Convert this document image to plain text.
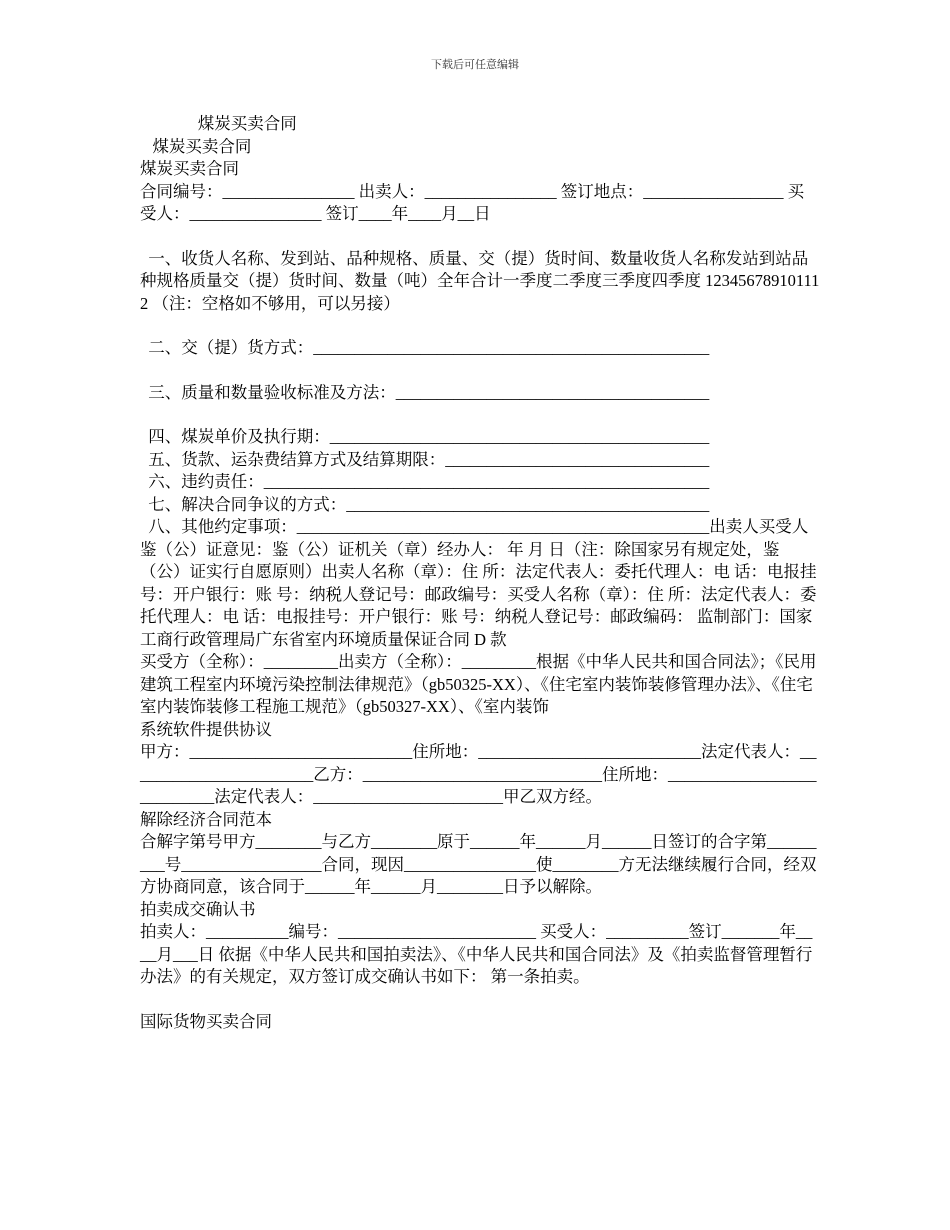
下载后可任意编辑

煤炭买卖合同

煤炭买卖合同

煤炭买卖合同

合同编号：________________ 出卖人：________________ 签订地点：_________________ 买受人：________________ 签订____年____月__日

一、收货人名称、发到站、品种规格、质量、交（提）货时间、数量收货人名称发站到站品种规格质量交（提）货时间、数量（吨）全年合计一季度二季度三季度四季度 123456789101112 （注：空格如不够用，可以另接）

二、交（提）货方式：________________________________________________

三、质量和数量验收标准及方法：______________________________________

四、煤炭单价及执行期：______________________________________________

五、货款、运杂费结算方式及结算期限：________________________________

六、违约责任：______________________________________________________

七、解决合同争议的方式：____________________________________________

八、其他约定事项：__________________________________________________出卖人买受人鉴（公）证意见：鉴（公）证机关（章）经办人： 年 月 日（注：除国家另有规定处，鉴（公）证实行自愿原则）出卖人名称（章）：住 所：法定代表人：委托代理人：电 话：电报挂号：开户银行：账 号：纳税人登记号：邮政编号：买受人名称（章）：住 所：法定代表人：委托代理人：电 话：电报挂号：开户银行：账 号：纳税人登记号：邮政编码： 监制部门：国家工商行政管理局广东省室内环境质量保证合同 D 款

买受方（全称）：_________出卖方（全称）：_________根据《中华人民共和国合同法》；《民用建筑工程室内环境污染控制法律规范》（gb50325-XX）、《住宅室内装饰装修管理办法》、《住宅室内装饰装修工程施工规范》（gb50327-XX）、《室内装饰

系统软件提供协议

甲方：___________________________住所地：___________________________法定代表人：_______________________乙方：_____________________________住所地：___________________________法定代表人：_______________________甲乙双方经。

解除经济合同范本

合解字第号甲方________与乙方________原于______年______月______日签订的合字第_________号_________________合同，现因________________使________方无法继续履行合同，经双方协商同意，该合同于______年______月________日予以解除。

拍卖成交确认书

拍卖人：__________编号：________________________ 买受人：__________签订_______年____月___日 依据《中华人民共和国拍卖法》、《中华人民共和国合同法》及《拍卖监督管理暂行办法》的有关规定，双方签订成交确认书如下： 第一条拍卖。

国际货物买卖合同
